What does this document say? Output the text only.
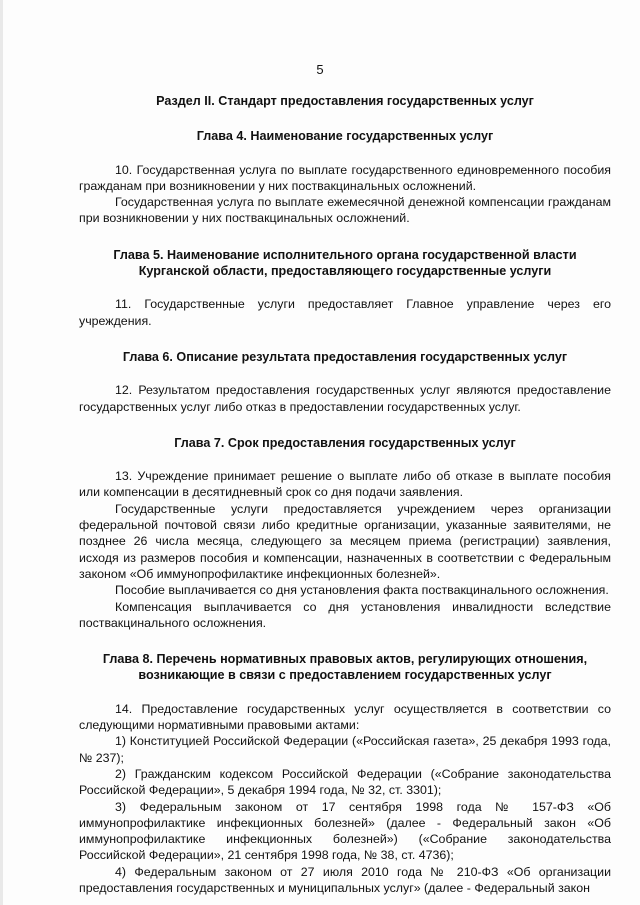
5
Раздел II. Стандарт предоставления государственных услуг
Глава 4. Наименование государственных услуг

10. Государственная услуга по выплате государственного единовременного пособия гражданам при возникновении у них поствакцинальных осложнений.

Государственная услуга по выплате ежемесячной денежной компенсации гражданам при возникновении у них поствакцинальных осложнений.

Глава 5. Наименование исполнительного органа государственной власти
Курганской области, предоставляющего государственные услуги

11. Государственные услуги предоставляет Главное управление через его учреждения.

Глава 6. Описание результата предоставления государственных услуг

12. Результатом предоставления государственных услуг являются предоставление государственных услуг либо отказ в предоставлении государственных услуг.

Глава 7. Срок предоставления государственных услуг

13. Учреждение принимает решение о выплате либо об отказе в выплате пособия или компенсации в десятидневный срок со дня подачи заявления.

Государственные услуги предоставляется учреждением через организации федеральной почтовой связи либо кредитные организации, указанные заявителями, не позднее 26 числа месяца, следующего за месяцем приема (регистрации) заявления, исходя из размеров пособия и компенсации, назначенных в соответствии с Федеральным законом «Об иммунопрофилактике инфекционных болезней».

Пособие выплачивается со дня установления факта поствакцинального осложнения.

Компенсация выплачивается со дня установления инвалидности вследствие поствакцинального осложнения.

Глава 8. Перечень нормативных правовых актов, регулирующих отношения,
возникающие в связи с предоставлением государственных услуг

14. Предоставление государственных услуг осуществляется в соответствии со следующими нормативными правовыми актами:

1) Конституцией Российской Федерации («Российская газета», 25 декабря 1993 года, № 237);

2) Гражданским кодексом Российской Федерации («Собрание законодательства Российской Федерации», 5 декабря 1994 года, № 32, ст. 3301);

3) Федеральным законом от 17 сентября 1998 года № 157-ФЗ «Об иммунопрофилактике инфекционных болезней» (далее - Федеральный закон «Об иммунопрофилактике инфекционных болезней») («Собрание законодательства Российской Федерации», 21 сентября 1998 года, № 38, ст. 4736);

4) Федеральным законом от 27 июля 2010 года № 210-ФЗ «Об организации предоставления государственных и муниципальных услуг» (далее - Федеральный закон
